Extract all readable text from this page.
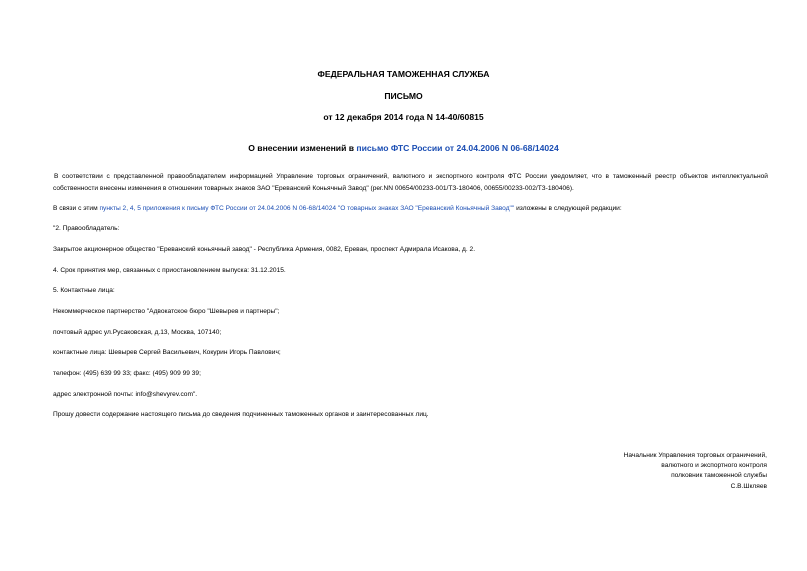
ФЕДЕРАЛЬНАЯ ТАМОЖЕННАЯ СЛУЖБА
ПИСЬМО
от 12 декабря 2014 года N 14-40/60815
О внесении изменений в письмо ФТС России от 24.04.2006 N 06-68/14024
В соответствии с представленной правообладателем информацией Управление торговых ограничений, валютного и экспортного контроля ФТС России уведомляет, что в таможенный реестр объектов интеллектуальной собственности внесены изменения в отношении товарных знаков ЗАО "Ереванский Коньячный Завод" (рег.NN 00654/00233-001/ТЗ-180406, 00655/00233-002/ТЗ-180406).
В связи с этим пункты 2, 4, 5 приложения к письму ФТС России от 24.04.2006 N 06-68/14024 "О товарных знаках ЗАО "Ереванский Коньячный Завод"" изложены в следующей редакции:
"2. Правообладатель:
Закрытое акционерное общество "Ереванский коньячный завод" - Республика Армения, 0082, Ереван, проспект Адмирала Исакова, д. 2.
4. Срок принятия мер, связанных с приостановлением выпуска: 31.12.2015.
5. Контактные лица:
Некоммерческое партнерство "Адвокатское бюро "Шевырев и партнеры";
почтовый адрес ул.Русаковская, д.13, Москва, 107140;
контактные лица: Шевырев Сергей Васильевич, Кокурин Игорь Павлович;
телефон: (495) 639 99 33; факс: (495) 909 99 39;
адрес электронной почты: info@shevyrev.com".
Прошу довести содержание настоящего письма до сведения подчиненных таможенных органов и заинтересованных лиц.
Начальник Управления торговых ограничений,
валютного и экспортного контроля
полковник таможенной службы
С.В.Шкляев
